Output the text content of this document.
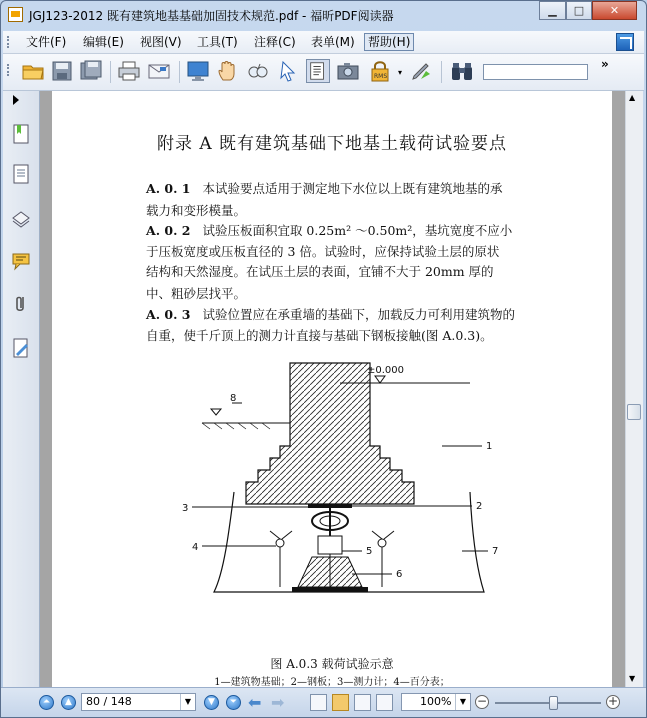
JGJ123-2012 既有建筑地基基础加固技术规范.pdf - 福昕PDF阅读器	▁	□	✕
文件(F) 编辑(E) 视图(V) 工具(T) 注释(C) 表单(M)	帮助(H)
RMS ▾
»
附录 A 既有建筑基础下地基土载荷试验要点
A. 0. 1 本试验要点适用于测定地下水位以上既有建筑地基的承
载力和变形模量。
A. 0. 2 试验压板面积宜取 0.25m² ～0.50m²，基坑宽度不应小
于压板宽度或压板直径的 3 倍。试验时，应保持试验土层的原状
结构和天然湿度。在试压土层的表面，宜铺不大于 20mm 厚的
中、粗砂层找平。
A. 0. 3 试验位置应在承重墙的基础下，加载反力可利用建筑物的
自重，使千斤顶上的测力计直接与基础下钢板接触(图 A.0.3)。
±0.000
8
1
2
3
4	5
6
7
图 A.0.3 载荷试验示意
1—建筑物基础；2—钢板；3—测力计；4—百分表；
▲
▼
⏶	▲	80 / 148	▼	▼	⏷ ⬅ ➡	100%	▼ −	+
